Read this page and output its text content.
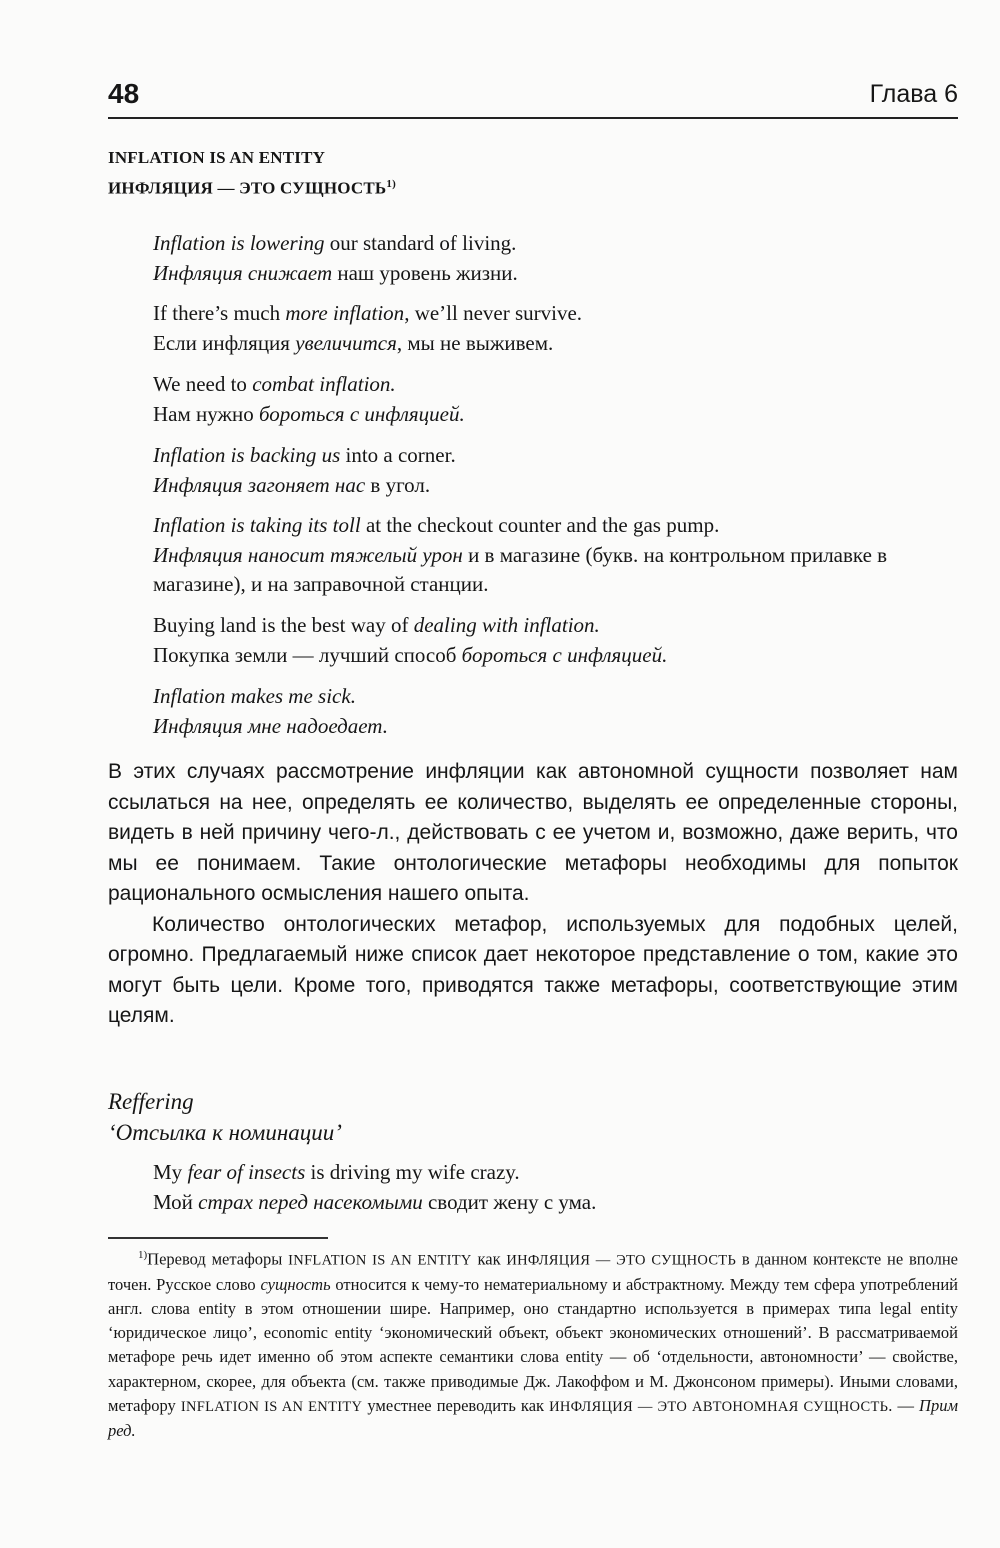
48	Глава 6
INFLATION IS AN ENTITY
ИНФЛЯЦИЯ — ЭТО СУЩНОСТЬ$^{1)}$
Inflation is lowering our standard of living.
Инфляция снижает наш уровень жизни.
If there’s much more inflation, we’ll never survive.
Если инфляция увеличится, мы не выживем.
We need to combat inflation.
Нам нужно бороться с инфляцией.
Inflation is backing us into a corner.
Инфляция загоняет нас в угол.
Inflation is taking its toll at the checkout counter and the gas pump.
Инфляция наносит тяжелый урон и в магазине (букв. на контрольном прилавке в магазине), и на заправочной станции.
Buying land is the best way of dealing with inflation.
Покупка земли — лучший способ бороться с инфляцией.
Inflation makes me sick.
Инфляция мне надоедает.

В этих случаях рассмотрение инфляции как автономной сущности позволяет нам ссылаться на нее, определять ее количество, выделять ее определенные стороны, видеть в ней причину чего-л., действовать с ее учетом и, возможно, даже верить, что мы ее понимаем. Такие онтологические метафоры необходимы для попыток рационального осмысления нашего опыта.

Количество онтологических метафор, используемых для подобных целей, огромно. Предлагаемый ниже список дает некоторое представление о том, какие это могут быть цели. Кроме того, приводятся также метафоры, соответствующие этим целям.

Reffering
‘Отсылка к номинации’
My fear of insects is driving my wife crazy.
Мой страх перед насекомыми сводит жену с ума.

$^{1)}$Перевод метафоры INFLATION IS AN ENTITY как ИНФЛЯЦИЯ — ЭТО СУЩНОСТЬ в данном контексте не вполне точен. Русское слово сущность относится к чему-то нематериальному и абстрактному. Между тем сфера употреблений англ. слова entity в этом отношении шире. Например, оно стандартно используется в примерах типа legal entity ‘юридическое лицо’, economic entity ‘экономический объект, объект экономических отношений’. В рассматриваемой метафоре речь идет именно об этом аспекте семантики слова entity — об ‘отдельности, автономности’ — свойстве, характерном, скорее, для объекта (см. также приводимые Дж. Лакоффом и М. Джонсоном примеры). Иными словами, метафору INFLATION IS AN ENTITY уместнее переводить как ИНФЛЯЦИЯ — ЭТО АВТОНОМНАЯ СУЩНОСТЬ. — Прим ред.
